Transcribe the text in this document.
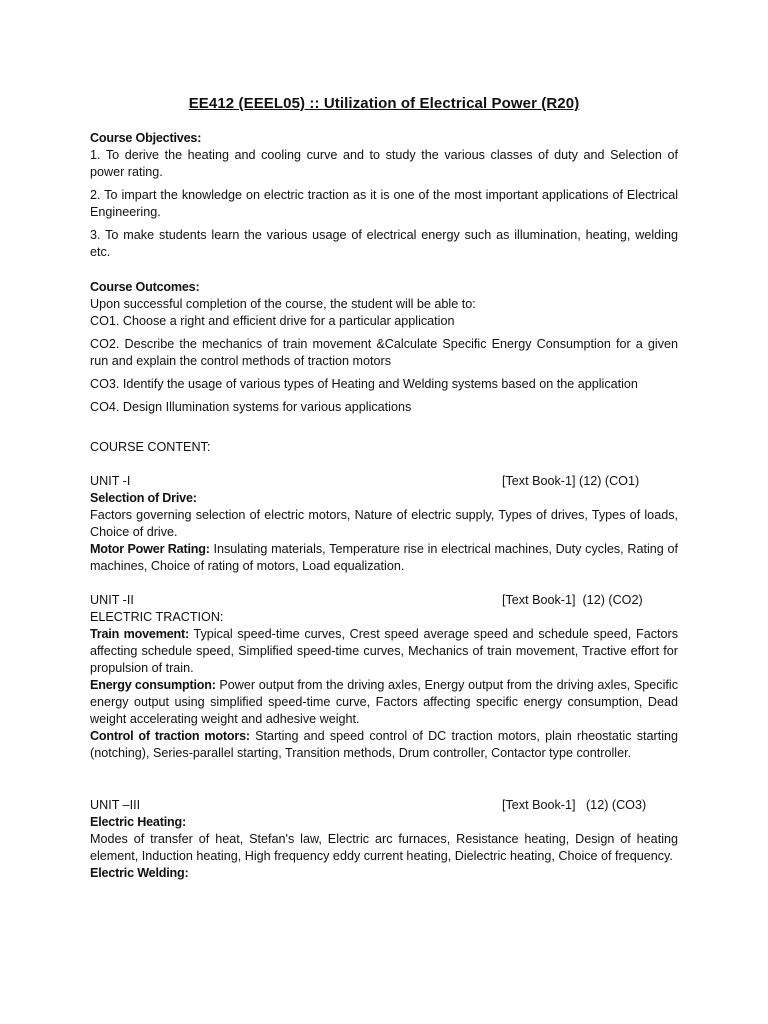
EE412 (EEEL05) :: Utilization of Electrical Power (R20)
Course Objectives:

1. To derive the heating and cooling curve and to study the various classes of duty and Selection of power rating.

2. To impart the knowledge on electric traction as it is one of the most important applications of Electrical Engineering.

3. To make students learn the various usage of electrical energy such as illumination, heating, welding etc.

Course Outcomes:

Upon successful completion of the course, the student will be able to:

CO1. Choose a right and efficient drive for a particular application

CO2. Describe the mechanics of train movement &Calculate Specific Energy Consumption for a given run and explain the control methods of traction motors

CO3. Identify the usage of various types of Heating and Welding systems based on the application

CO4. Design Illumination systems for various applications

COURSE CONTENT:
UNIT -I	[Text Book-1] (12) (CO1)
Selection of Drive:

Factors governing selection of electric motors, Nature of electric supply, Types of drives, Types of loads, Choice of drive.

Motor Power Rating: Insulating materials, Temperature rise in electrical machines, Duty cycles, Rating of machines, Choice of rating of motors, Load equalization.

UNIT -II	[Text Book-1]  (12) (CO2)
ELECTRIC TRACTION:

Train movement: Typical speed-time curves, Crest speed average speed and schedule speed, Factors affecting schedule speed, Simplified speed-time curves, Mechanics of train movement, Tractive effort for propulsion of train.

Energy consumption: Power output from the driving axles, Energy output from the driving axles, Specific energy output using simplified speed-time curve, Factors affecting specific energy consumption, Dead weight accelerating weight and adhesive weight.

Control of traction motors: Starting and speed control of DC traction motors, plain rheostatic starting (notching), Series-parallel starting, Transition methods, Drum controller, Contactor type controller.

UNIT –III	[Text Book-1]   (12) (CO3)
Electric Heating:

Modes of transfer of heat, Stefan's law, Electric arc furnaces, Resistance heating, Design of heating element, Induction heating, High frequency eddy current heating, Dielectric heating, Choice of frequency.

Electric Welding:
